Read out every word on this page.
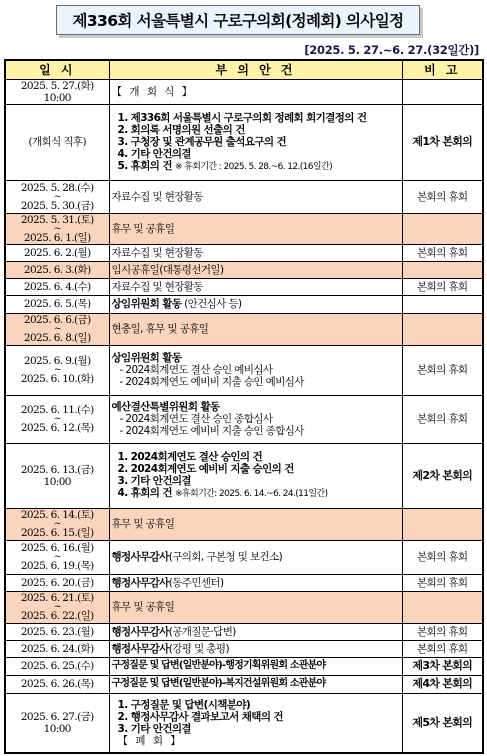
제336회 서울특별시 구로구의회(정례회) 의사일정
[2025. 5. 27.~6. 27.(32일간)]
일 시	부 의 안 건	비 고

2025. 5. 27.(화)
10:00	【 개 회 식 】	
(개회식 직후)	1. 제336회 서울특별시 구로구의회 정례회 회기결정의 건
2. 회의록 서명의원 선출의 건
3. 구청장 및 관계공무원 출석요구의 건
4. 기타 안건의결
5. 휴회의 건 ※ 휴회기간 : 2025. 5. 28.~6. 12.(16일간)	제1차 본회의

2025. 5. 28.(수)
~
2025. 5. 30.(금)	자료수집 및 현장활동	본회의 휴회

2025. 5. 31.(토)
~
2025. 6. 1.(일)	휴무 및 공휴일	
2025. 6. 2.(월)	자료수집 및 현장활동	본회의 휴회
2025. 6. 3.(화)	임시공휴일(대통령선거일)	
2025. 6. 4.(수)	자료수집 및 현장활동	본회의 휴회
2025. 6. 5.(목)	상임위원회 활동 (안건심사 등)	

2025. 6. 6.(금)
~
2025. 6. 8.(일)	현충일, 휴무 및 공휴일	

2025. 6. 9.(월)
~
2025. 6. 10.(화)	상임위원회 활동
- 2024회계연도 결산 승인 예비심사
- 2024회계연도 예비비 지출 승인 예비심사	본회의 휴회

2025. 6. 11.(수)
~
2025. 6. 12.(목)	예산결산특별위원회 활동
- 2024회계연도 결산 승인 종합심사
- 2024회계연도 예비비 지출 승인 종합심사	본회의 휴회

2025. 6. 13.(금)
10:00	1. 2024회계연도 결산 승인의 건
2. 2024회계연도 예비비 지출 승인의 건
3. 기타 안건의결
4. 휴회의 건 ※휴회기간: 2025. 6. 14.~6. 24.(11일간)	제2차 본회의

2025. 6. 14.(토)
~
2025. 6. 15.(일)	휴무 및 공휴일	

2025. 6. 16.(월)
~
2025. 6. 19.(목)	행정사무감사(구의회, 구본청 및 보건소)	본회의 휴회
2025. 6. 20.(금)	행정사무감사(동주민센터)	본회의 휴회

2025. 6. 21.(토)
~
2025. 6. 22.(일)	휴무 및 공휴일	
2025. 6. 23.(월)	행정사무감사(공개질문·답변)	본회의 휴회
2025. 6. 24.(화)	행정사무감사(강평 및 총평)	본회의 휴회
2025. 6. 25.(수)	구정질문 및 답변(일반분야)-행정기획위원회 소관분야	제3차 본회의
2025. 6. 26.(목)	구정질문 및 답변(일반분야)-복지건설위원회 소관분야	제4차 본회의

2025. 6. 27.(금)
10:00	1. 구정질문 및 답변(시책분야)
2. 행정사무감사 결과보고서 채택의 건
3. 기타 안건의결
【 폐 회 】	제5차 본회의
